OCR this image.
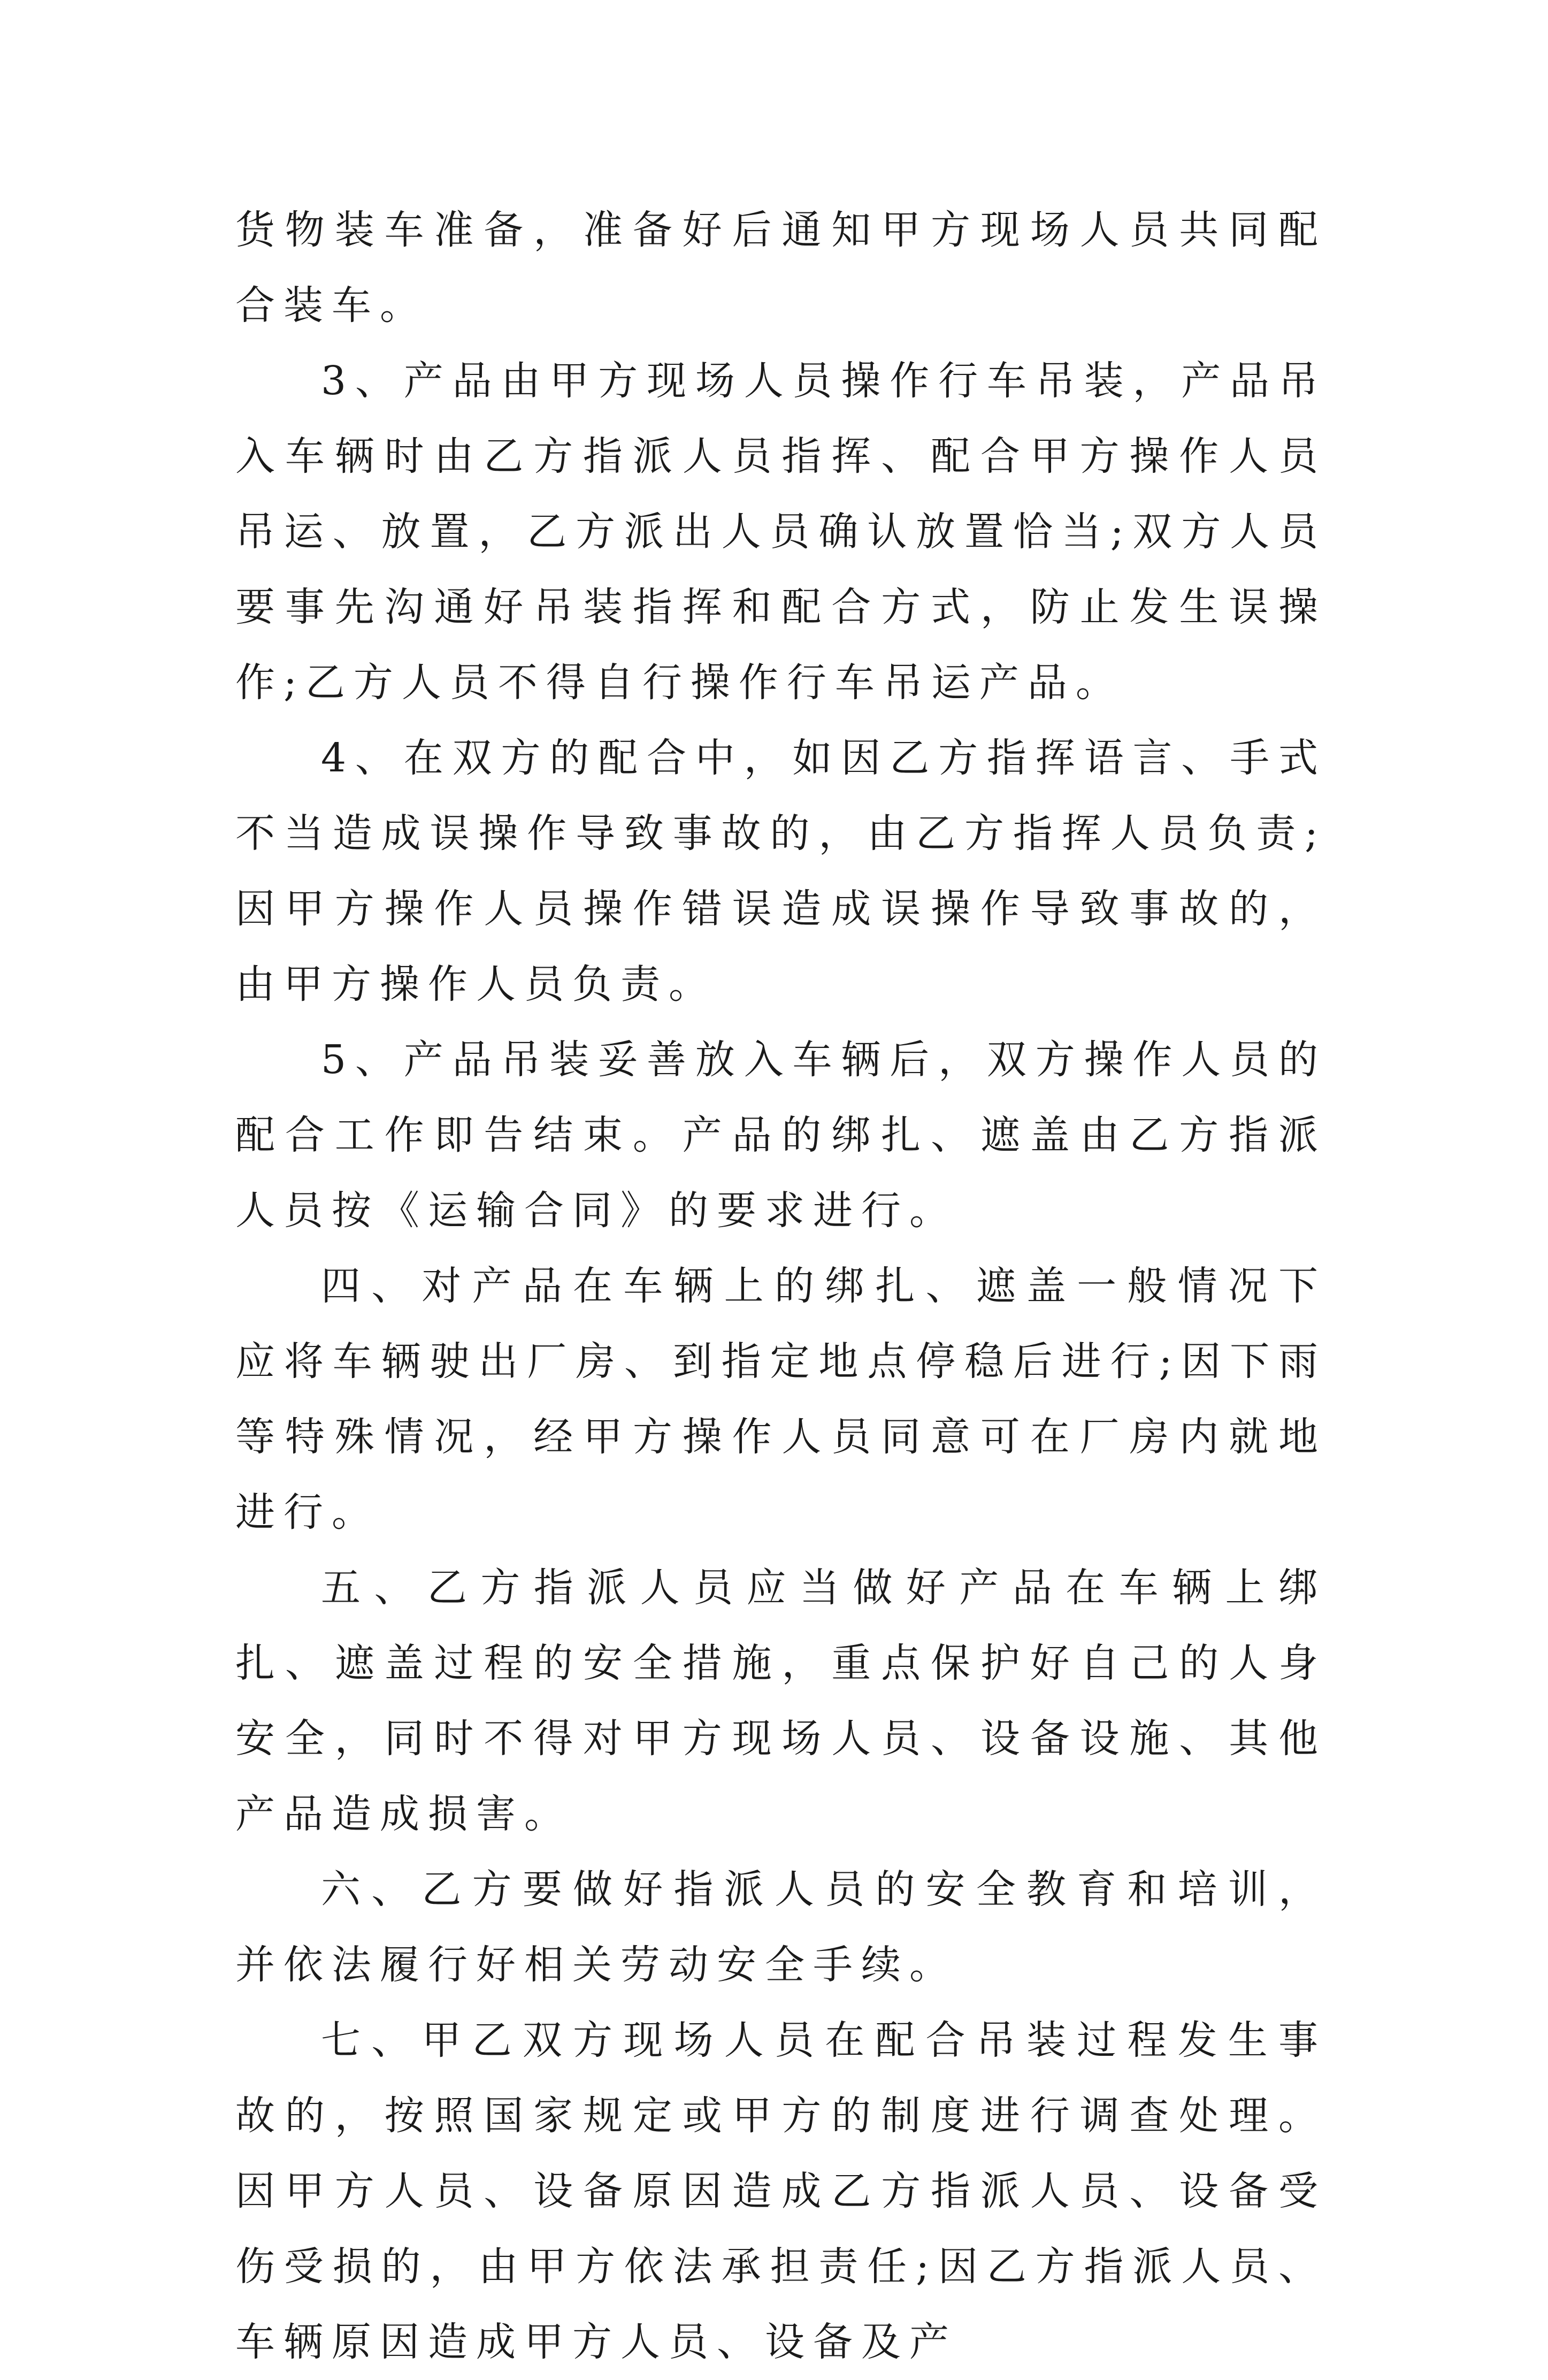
货物装车准备，准备好后通知甲方现场人员共同配合装车。

3、产品由甲方现场人员操作行车吊装，产品吊入车辆时由乙方指派人员指挥、配合甲方操作人员吊运、放置，乙方派出人员确认放置恰当;双方人员要事先沟通好吊装指挥和配合方式，防止发生误操作;乙方人员不得自行操作行车吊运产品。

4、在双方的配合中，如因乙方指挥语言、手式不当造成误操作导致事故的，由乙方指挥人员负责;因甲方操作人员操作错误造成误操作导致事故的，由甲方操作人员负责。

5、产品吊装妥善放入车辆后，双方操作人员的配合工作即告结束。产品的绑扎、遮盖由乙方指派人员按《运输合同》的要求进行。

四、对产品在车辆上的绑扎、遮盖一般情况下应将车辆驶出厂房、到指定地点停稳后进行;因下雨等特殊情况，经甲方操作人员同意可在厂房内就地进行。

五、乙方指派人员应当做好产品在车辆上绑扎、遮盖过程的安全措施，重点保护好自己的人身安全，同时不得对甲方现场人员、设备设施、其他产品造成损害。

六、乙方要做好指派人员的安全教育和培训，并依法履行好相关劳动安全手续。

七、甲乙双方现场人员在配合吊装过程发生事故的，按照国家规定或甲方的制度进行调查处理。因甲方人员、设备原因造成乙方指派人员、设备受伤受损的，由甲方依法承担责任;因乙方指派人员、车辆原因造成甲方人员、设备及产
